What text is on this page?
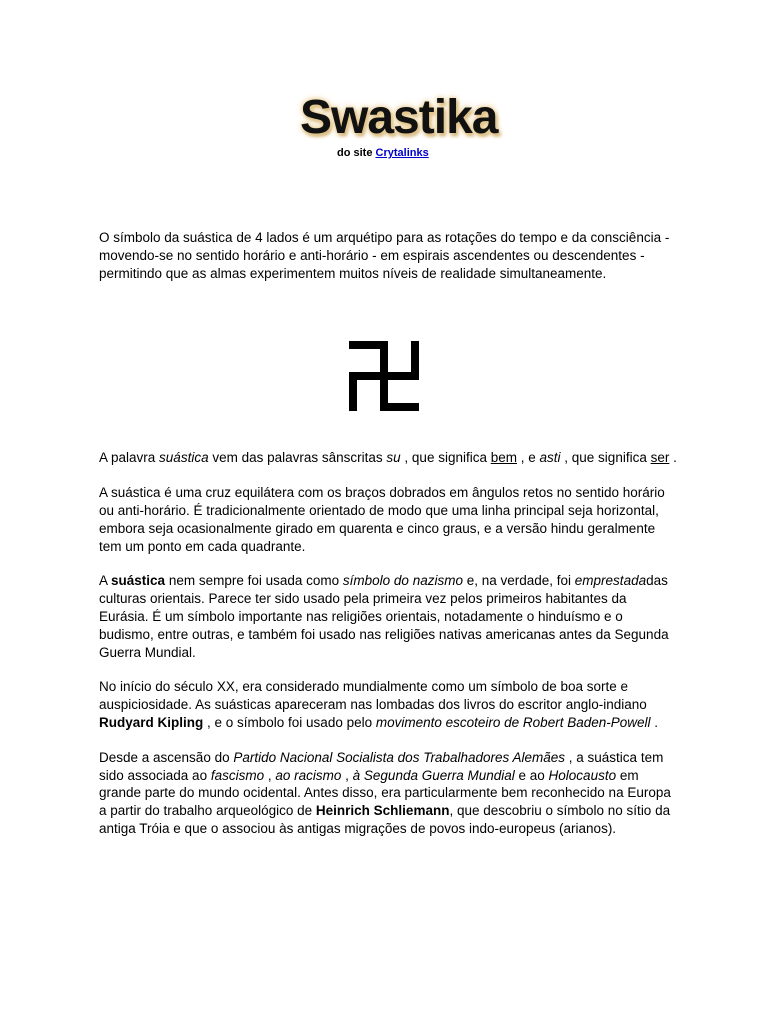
Swastika
do site Crytalinks

O símbolo da suástica de 4 lados é um arquétipo para as rotações do tempo e da consciência - movendo-se no sentido horário e anti-horário - em espirais ascendentes ou descendentes - permitindo que as almas experimentem muitos níveis de realidade simultaneamente.

A palavra suástica vem das palavras sânscritas su , que significa bem , e asti , que significa ser .

A suástica é uma cruz equilátera com os braços dobrados em ângulos retos no sentido horário ou anti-horário. É tradicionalmente orientado de modo que uma linha principal seja horizontal, embora seja ocasionalmente girado em quarenta e cinco graus, e a versão hindu geralmente tem um ponto em cada quadrante.

A suástica nem sempre foi usada como símbolo do nazismo e, na verdade, foi emprestadadas culturas orientais. Parece ter sido usado pela primeira vez pelos primeiros habitantes da Eurásia. É um símbolo importante nas religiões orientais, notadamente o hinduísmo e o budismo, entre outras, e também foi usado nas religiões nativas americanas antes da Segunda Guerra Mundial.

No início do século XX, era considerado mundialmente como um símbolo de boa sorte e auspiciosidade. As suásticas apareceram nas lombadas dos livros do escritor anglo-indiano Rudyard Kipling , e o símbolo foi usado pelo movimento escoteiro de Robert Baden-Powell .

Desde a ascensão do Partido Nacional Socialista dos Trabalhadores Alemães , a suástica tem sido associada ao fascismo , ao racismo , à Segunda Guerra Mundial e ao Holocausto em grande parte do mundo ocidental. Antes disso, era particularmente bem reconhecido na Europa a partir do trabalho arqueológico de Heinrich Schliemann, que descobriu o símbolo no sítio da antiga Tróia e que o associou às antigas migrações de povos indo-europeus (arianos).
